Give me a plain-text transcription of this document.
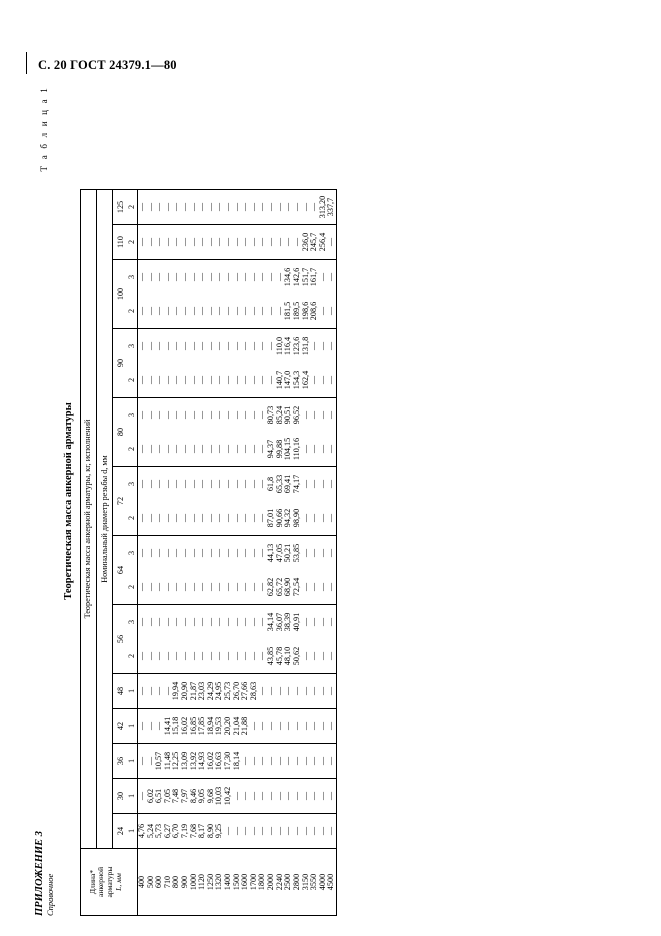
С. 20 ГОСТ 24379.1—80
ПРИЛОЖЕНИЕ 3 Справочное
Т а б л и ц а 1
Теоретическая масса анкерной арматуры
Длина*
анкерной
арматуры
L, мм	Теоретическая масса анкерной арматуры, кг, исполнений																		
	Номинальный диаметр резьбы d, мм																		
	24	30	36	42	48	56		64		72		80		90		100		110	125
	1	1	1	1	1	2	3	2	3	2	3	2	3	2	3	2	3	2	2
400	4,76	—	—	—	—	—	—	—	—	—	—	—	—	—	—	—	—	—	—
500	5,24	6,02	—	—	—	—	—	—	—	—	—	—	—	—	—	—	—	—	—
600	5,73	6,51	10,57	—	—	—	—	—	—	—	—	—	—	—	—	—	—	—	—
710	6,27	7,05	11,48	14,41	—	—	—	—	—	—	—	—	—	—	—	—	—	—	—
800	6,70	7,48	12,25	15,18	19,94	—	—	—	—	—	—	—	—	—	—	—	—	—	—
900	7,19	7,97	13,09	16,02	20,90	—	—	—	—	—	—	—	—	—	—	—	—	—	—
1000	7,68	8,46	13,92	16,85	21,87	—	—	—	—	—	—	—	—	—	—	—	—	—	—
1120	8,17	9,05	14,93	17,85	23,03	—	—	—	—	—	—	—	—	—	—	—	—	—	—
1250	8,90	9,68	16,02	18,94	24,29	—	—	—	—	—	—	—	—	—	—	—	—	—	—
1320	9,25	10,03	16,63	19,53	24,95	—	—	—	—	—	—	—	—	—	—	—	—	—	—
1400	—	10,42	17,30	20,20	25,73	—	—	—	—	—	—	—	—	—	—	—	—	—	—
1500	—	—	18,14	21,04	26,70	—	—	—	—	—	—	—	—	—	—	—	—	—	—
1600	—	—	—	21,88	27,66	—	—	—	—	—	—	—	—	—	—	—	—	—	—
1700	—	—	—	—	28,63	—	—	—	—	—	—	—	—	—	—	—	—	—	—
1800	—	—	—	—	—	—	—	—	—	—	—	—	—	—	—	—	—	—	—
2000	—	—	—	—	—	43,85	34,14	62,82	44,13	87,01	61,8	94,37	80,73	—	—	—	—	—	—
2240	—	—	—	—	—	45,78	36,07	65,72	47,05	90,66	65,33	99,88	85,24	140,7	110,0	—	—	—	—
2500	—	—	—	—	—	48,10	38,39	68,90	50,21	94,32	69,41	104,15	90,51	147,0	116,4	181,5	134,6	—	—
2800	—	—	—	—	—	50,62	40,91	72,54	53,85	98,90	74,17	110,16	96,52	154,3	123,6	189,5	142,6	—	—
3150	—	—	—	—	—	—	—	—	—	—	—	—	—	162,4	131,8	198,6	151,7	236,0	—
3550	—	—	—	—	—	—	—	—	—	—	—	—	—	—	—	208,6	161,7	245,7	—
4000	—	—	—	—	—	—	—	—	—	—	—	—	—	—	—	—	—	256,4	313,20
4500	—	—	—	—	—	—	—	—	—	—	—	—	—	—	—	—	—	—	337,7
